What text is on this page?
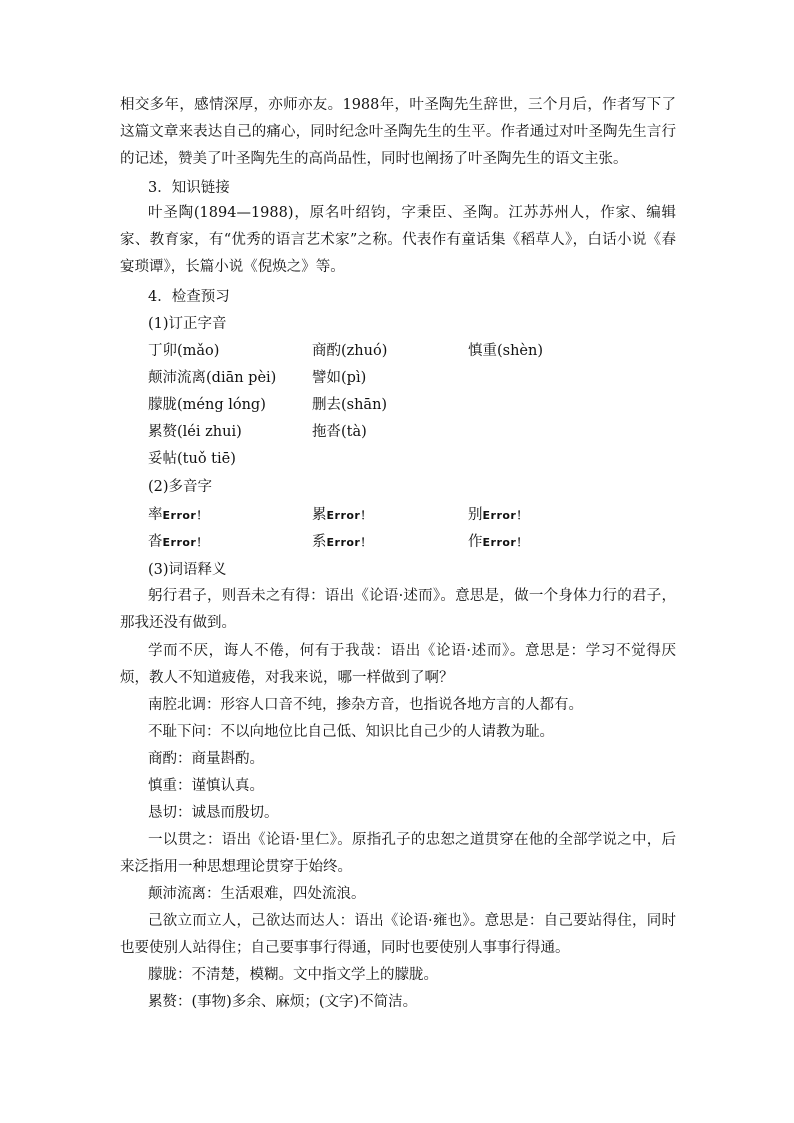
相交多年，感情深厚，亦师亦友。1988年，叶圣陶先生辞世，三个月后，作者写下了这篇文章来表达自己的痛心，同时纪念叶圣陶先生的生平。作者通过对叶圣陶先生言行的记述，赞美了叶圣陶先生的高尚品性，同时也阐扬了叶圣陶先生的语文主张。

3．知识链接

叶圣陶(1894—1988)，原名叶绍钧，字秉臣、圣陶。江苏苏州人，作家、编辑家、教育家，有“优秀的语言艺术家”之称。代表作有童话集《稻草人》，白话小说《春宴琐谭》，长篇小说《倪焕之》等。

4．检查预习

(1)订正字音

丁卯(mǎo)	商酌(zhuó)	慎重(shèn)

颠沛流离(diān pèi) 譬如(pì)

朦胧(méng lóng)	删去(shān)

累赘(léi zhui)	拖沓(tà)

妥帖(tuǒ tiē)

(2)多音字

率Error！	累Error！	别Error！

沓Error！	系Error！	作Error！

(3)词语释义

躬行君子，则吾未之有得：语出《论语·述而》。意思是，做一个身体力行的君子，那我还没有做到。

学而不厌，诲人不倦，何有于我哉：语出《论语·述而》。意思是：学习不觉得厌烦，教人不知道疲倦，对我来说，哪一样做到了啊？

南腔北调：形容人口音不纯，掺杂方音，也指说各地方言的人都有。

不耻下问：不以向地位比自己低、知识比自己少的人请教为耻。

商酌：商量斟酌。

慎重：谨慎认真。

恳切：诚恳而殷切。

一以贯之：语出《论语·里仁》。原指孔子的忠恕之道贯穿在他的全部学说之中，后来泛指用一种思想理论贯穿于始终。

颠沛流离：生活艰难，四处流浪。

己欲立而立人，己欲达而达人：语出《论语·雍也》。意思是：自己要站得住，同时也要使别人站得住；自己要事事行得通，同时也要使别人事事行得通。

朦胧：不清楚，模糊。文中指文学上的朦胧。

累赘：(事物)多余、麻烦；(文字)不简洁。
